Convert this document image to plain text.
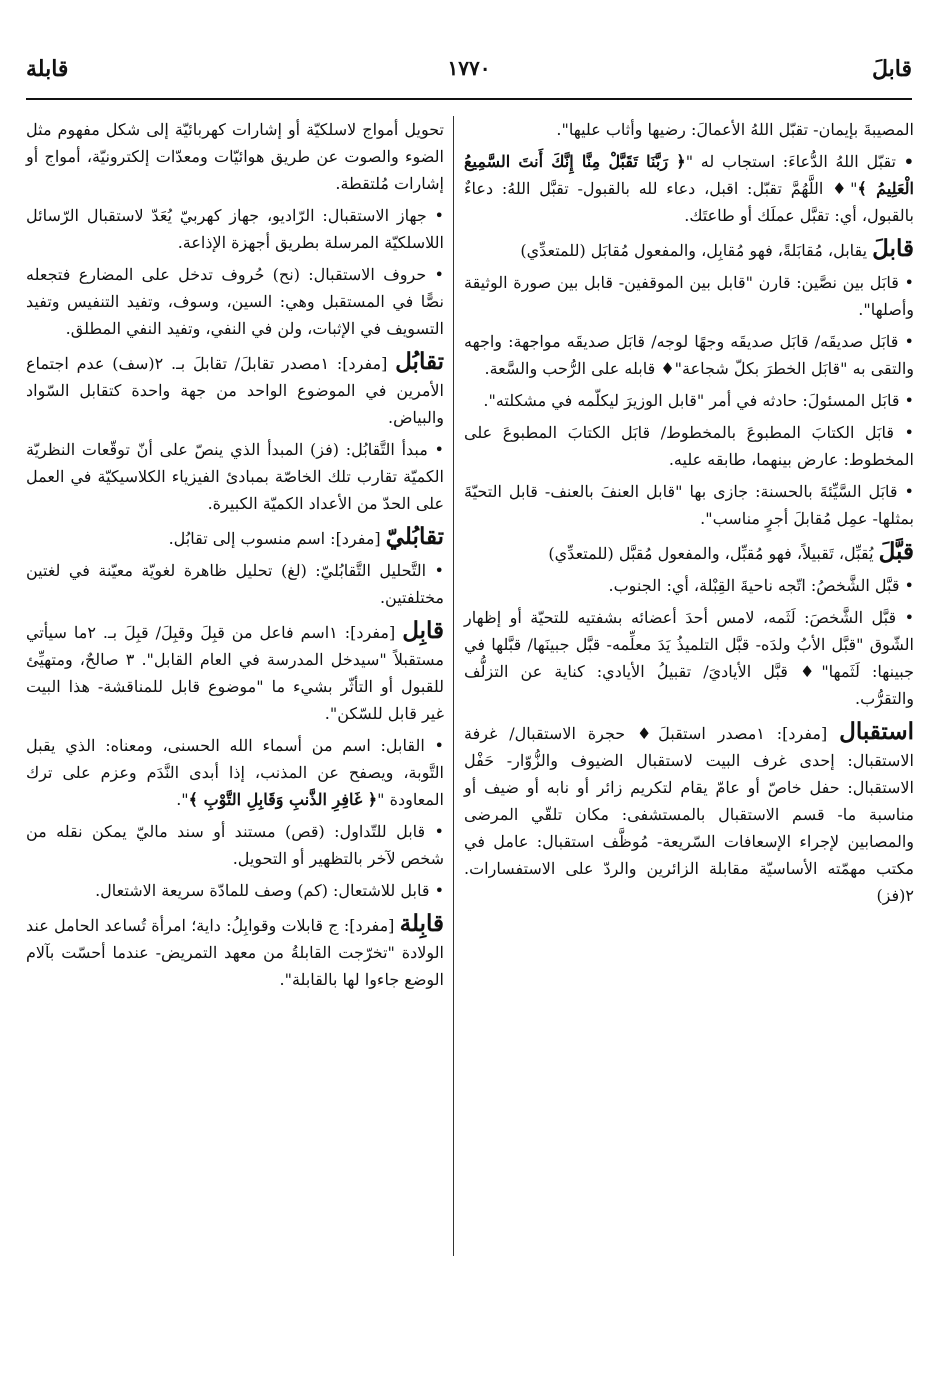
قابلَ
١٧٧٠
قابلة

المصيبةَ بإيمان- تقبّل اللهُ الأعمالَ: رضيها وأثاب عليها".

• تقبّل اللهُ الدُّعاءَ: استجاب له "﴿ رَبَّنَا تَقَبَّلْ مِنَّا إِنَّكَ أَنتَ السَّمِيعُ الْعَلِيمُ ﴾"♦ اللَّهُمَّ تقبّل: اقبل، دعاء لله بالقبول- تقبَّل اللهُ: دعاءٌ بالقبول، أي: تقبَّل عملَك أو طاعتَك.

قابلَ يقابل، مُقابَلةً، فهو مُقابِل، والمفعول مُقابَل (للمتعدِّي)

• قابَل بين نصَّين: قارن "قابل بين الموقفين- قابل بين صورة الوثيقة وأصلها".

• قابَل صديقَه/ قابَل صديقَه وجهًا لوجه/ قابَل صديقَه مواجهة: واجهه والتقى به "قابَل الخطرَ بكلّ شجاعة"♦ قابله على الرُّحب والسَّعة.

• قابَل المسئولَ: حادثه في أمر "قابل الوزيرَ ليكلّمه في مشكلته".

• قابَل الكتابَ المطبوعَ بالمخطوط/ قابَل الكتابَ المطبوعَ على المخطوط: عارض بينهما، طابقه عليه.

• قابَل السَّيِّئةَ بالحسنة: جازى بها "قابل العنفَ بالعنف- قابل التحيّةَ بمثلها- عمِل مُقابلَ أجرٍ مناسب".

قبَّلَ يُقبِّل، تَقبيلاً، فهو مُقبِّل، والمفعول مُقبَّل (للمتعدِّي)

• قبَّل الشَّخصُ: اتّجه ناحيةَ القِبْلة، أي: الجنوب.

• قبَّل الشَّخصَ: لَثَمه، لامس أحدَ أعضائه بشفتيه للتحيّة أو إظهار الشّوق "قبَّل الأبُ ولدَه- قبَّل التلميذُ يَدَ معلِّمه- قبَّل جبينَها/ قبَّلها في جبينها: لَثَمها"♦ قبَّل الأياديَ/ تقبيلُ الأيادي: كناية عن التزلُّف والتقرُّب.

استقبال [مفرد]: ١مصدر استقبلَ♦ حجرة الاستقبال/ غرفة الاستقبال: إحدى غرف البيت لاستقبال الضيوف والزُّوّار- حَفْل الاستقبال: حفل خاصّ أو عامّ يقام لتكريم زائر أو نابه أو ضيف أو مناسبة ما- قسم الاستقبال بالمستشفى: مكان تلقّي المرضى والمصابين لإجراء الإسعافات السّريعة- مُوظَّف استقبال: عامل في مكتب مهمّته الأساسيّة مقابلة الزائرين والردّ على الاستفسارات. ٢(فز)

تحويل أمواج لاسلكيّة أو إشارات كهربائيّة إلى شكل مفهوم مثل الضوء والصوت عن طريق هوائيّات ومعدّات إلكترونيّة، أمواج أو إشارات مُلتقطة.

• جهاز الاستقبال: الرّاديو، جهاز كهربيّ يُعَدّ لاستقبال الرّسائل اللاسلكيّة المرسلة بطريق أجهزة الإذاعة.

• حروف الاستقبال: (نح) حُروف تدخل على المضارع فتجعله نصًّا في المستقبل وهي: السين، وسوف، وتفيد التنفيس وتفيد التسويف في الإثبات، ولن في النفي، وتفيد النفي المطلق.

تقابُل [مفرد]: ١مصدر تقابلَ/ تقابلَ بـ. ٢(سف) عدم اجتماع الأمرين في الموضوع الواحد من جهة واحدة كتقابل السّواد والبياض.

• مبدأ التَّقابُل: (فز) المبدأ الذي ينصّ على أنّ توقّعات النظريّة الكميّة تقارب تلك الخاصّة بمبادئ الفيزياء الكلاسيكيّة في العمل على الحدّ من الأعداد الكميّة الكبيرة.

تقابُليّ [مفرد]: اسم منسوب إلى تقابُل.

• التَّحليل التَّقابُليّ: (لغ) تحليل ظاهرة لغويّة معيّنة في لغتين مختلفتين.

قابِل [مفرد]: ١اسم فاعل من قبِلَ وقبِلَ/ قبِلَ بـ. ٢ما سيأتي مستقبلاً "سيدخل المدرسة في العام القابل". ٣ صالحٌ، ومتهيِّئ للقبول أو التأثّر بشيء ما "موضوع قابل للمناقشة- هذا البيت غير قابل للسّكن".

• القابل: اسم من أسماء الله الحسنى، ومعناه: الذي يقبل التَّوبة، ويصفح عن المذنب، إذا أبدى النَّدَم وعزم على ترك المعاودة "﴿ غَافِرِ الذَّنبِ وَقَابِلِ التَّوْبِ ﴾".

• قابل للتّداول: (قص) مستند أو سند ماليّ يمكن نقله من شخص لآخر بالتظهير أو التحويل.

• قابل للاشتعال: (كم) وصف للمادّة سريعة الاشتعال.

قابِلة [مفرد]: ج قابلات وقوابِلُ: داية؛ امرأة تُساعد الحامل عند الولادة "تخرّجت القابلةُ من معهد التمريض- عندما أحسّت بآلام الوضع جاءوا لها بالقابلة".
